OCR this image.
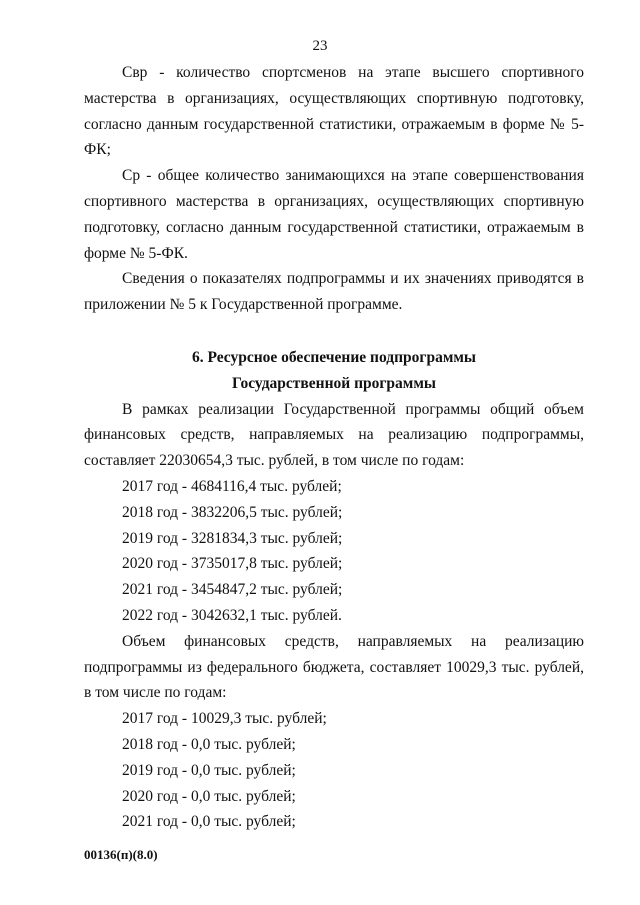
23

Свр - количество спортсменов на этапе высшего спортивного мастерства в организациях, осуществляющих спортивную подготовку, согласно данным государственной статистики, отражаемым в форме № 5-ФК;

Ср - общее количество занимающихся на этапе совершенствования спортивного мастерства в организациях, осуществляющих спортивную подготовку, согласно данным государственной статистики, отражаемым в форме № 5-ФК.

Сведения о показателях подпрограммы и их значениях приводятся в приложении № 5 к Государственной программе.

6. Ресурсное обеспечение подпрограммы

Государственной программы

В рамках реализации Государственной программы общий объем финансовых средств, направляемых на реализацию подпрограммы, составляет 22030654,3 тыс. рублей, в том числе по годам:

2017 год - 4684116,4 тыс. рублей;

2018 год - 3832206,5 тыс. рублей;

2019 год - 3281834,3 тыс. рублей;

2020 год - 3735017,8 тыс. рублей;

2021 год - 3454847,2 тыс. рублей;

2022 год - 3042632,1 тыс. рублей.

Объем финансовых средств, направляемых на реализацию подпрограммы из федерального бюджета, составляет 10029,3 тыс. рублей, в том числе по годам:

2017 год - 10029,3 тыс. рублей;

2018 год - 0,0 тыс. рублей;

2019 год - 0,0 тыс. рублей;

2020 год - 0,0 тыс. рублей;

2021 год - 0,0 тыс. рублей;

00136(п)(8.0)
